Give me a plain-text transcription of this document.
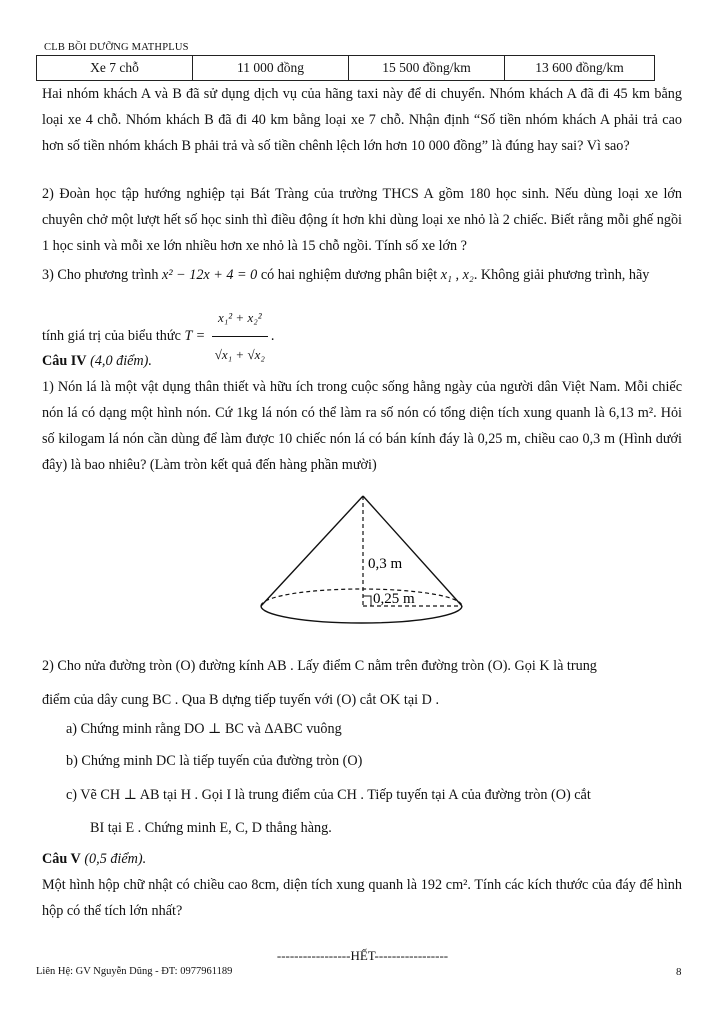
CLB BỒI DƯỠNG MATHPLUS
Xe 7 chỗ	11 000 đồng	15 500 đồng/km	13 600 đồng/km
Hai nhóm khách A và B đã sử dụng dịch vụ của hãng taxi này để di chuyển. Nhóm khách A đã đi 45 km bằng loại xe 4 chỗ. Nhóm khách B đã đi 40 km bằng loại xe 7 chỗ. Nhận định “Số tiền nhóm khách A phải trả cao hơn số tiền nhóm khách B phải trả và số tiền chênh lệch lớn hơn 10 000 đồng” là đúng hay sai? Vì sao?
2) Đoàn học tập hướng nghiệp tại Bát Tràng của trường THCS A gồm 180 học sinh. Nếu dùng loại xe lớn chuyên chở một lượt hết số học sinh thì điều động ít hơn khi dùng loại xe nhỏ là 2 chiếc. Biết rằng mỗi ghế ngồi 1 học sinh và mỗi xe lớn nhiều hơn xe nhỏ là 15 chỗ ngồi. Tính số xe lớn ?
3) Cho phương trình x² − 12x + 4 = 0 có hai nghiệm dương phân biệt x₁ , x₂. Không giải phương trình, hãy
tính giá trị của biểu thức $T = \frac{\text{x₁² + x₂²}}{\text{√x₁ + √x₂}}$ .
Câu IV (4,0 điểm).
1) Nón lá là một vật dụng thân thiết và hữu ích trong cuộc sống hằng ngày của người dân Việt Nam. Mỗi chiếc nón lá có dạng một hình nón. Cứ 1kg lá nón có thể làm ra số nón có tổng diện tích xung quanh là 6,13 m². Hỏi số kilogam lá nón cần dùng để làm được 10 chiếc nón lá có bán kính đáy là 0,25 m, chiều cao 0,3 m (Hình dưới đây) là bao nhiêu? (Làm tròn kết quả đến hàng phần mười)
0,3 m
0,25 m
2) Cho nửa đường tròn (O) đường kính AB . Lấy điểm C nằm trên đường tròn (O). Gọi K là trung
điểm của dây cung BC . Qua B dựng tiếp tuyến với (O) cắt OK tại D .
a) Chứng minh rằng DO ⊥ BC và ΔABC vuông
b) Chứng minh DC là tiếp tuyến của đường tròn (O)
c) Vẽ CH ⊥ AB tại H . Gọi I là trung điểm của CH . Tiếp tuyến tại A của đường tròn (O) cắt
BI tại E . Chứng minh E, C, D thẳng hàng.
Câu V (0,5 điểm).
Một hình hộp chữ nhật có chiều cao 8cm, diện tích xung quanh là 192 cm². Tính các kích thước của đáy để hình hộp có thể tích lớn nhất?
-----------------HẾT-----------------
Liên Hệ: GV Nguyễn Dũng - ĐT: 0977961189	8
